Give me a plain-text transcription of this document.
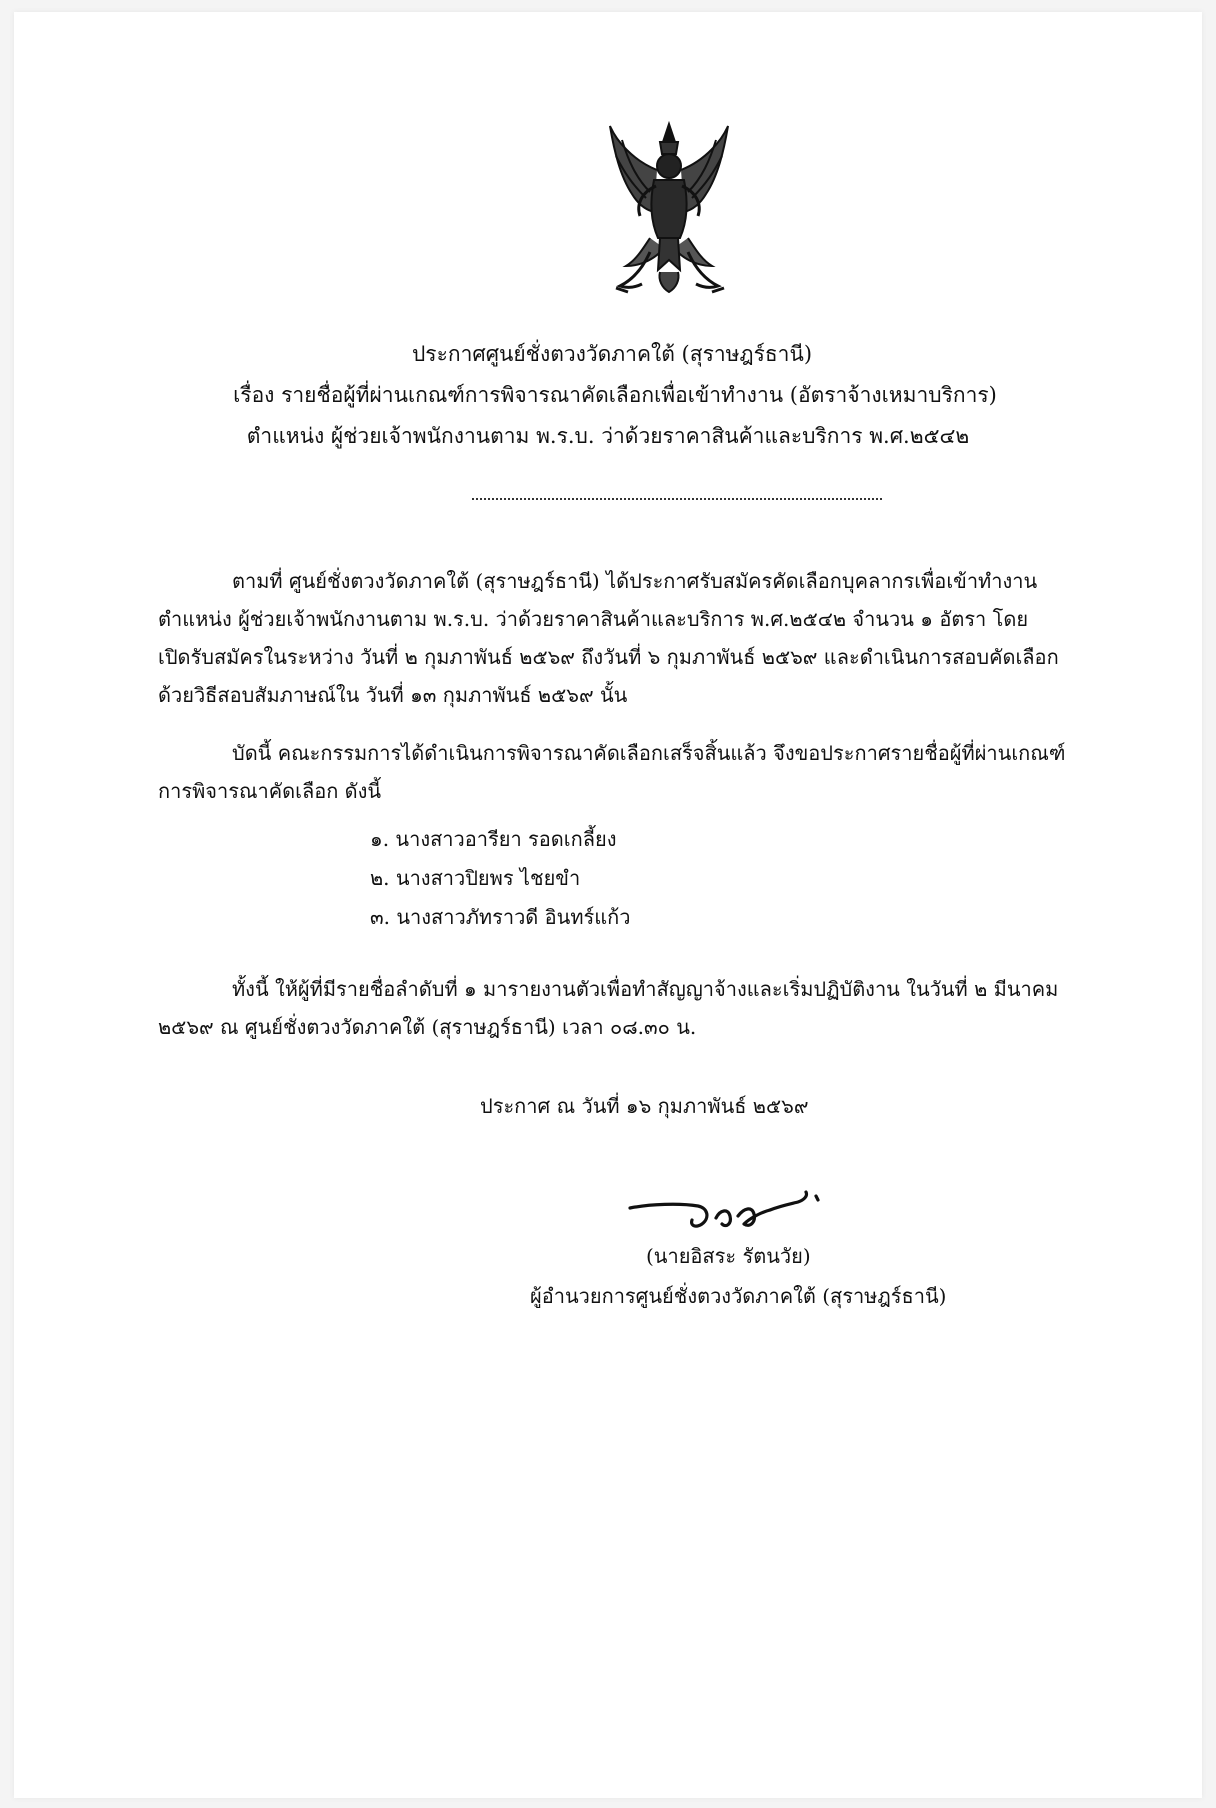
ประกาศศูนย์ชั่งตวงวัดภาคใต้ (สุราษฎร์ธานี)
เรื่อง รายชื่อผู้ที่ผ่านเกณฑ์การพิจารณาคัดเลือกเพื่อเข้าทำงาน (อัตราจ้างเหมาบริการ)
ตำแหน่ง ผู้ช่วยเจ้าพนักงานตาม พ.ร.บ. ว่าด้วยราคาสินค้าและบริการ พ.ศ.๒๕๔๒
ตามที่ ศูนย์ชั่งตวงวัดภาคใต้ (สุราษฎร์ธานี) ได้ประกาศรับสมัครคัดเลือกบุคลากรเพื่อเข้าทำงาน
ตำแหน่ง ผู้ช่วยเจ้าพนักงานตาม พ.ร.บ. ว่าด้วยราคาสินค้าและบริการ พ.ศ.๒๕๔๒ จำนวน ๑ อัตรา โดย
เปิดรับสมัครในระหว่าง วันที่ ๒ กุมภาพันธ์ ๒๕๖๙ ถึงวันที่ ๖ กุมภาพันธ์ ๒๕๖๙ และดำเนินการสอบคัดเลือก
ด้วยวิธีสอบสัมภาษณ์ใน วันที่ ๑๓ กุมภาพันธ์ ๒๕๖๙ นั้น
บัดนี้ คณะกรรมการได้ดำเนินการพิจารณาคัดเลือกเสร็จสิ้นแล้ว จึงขอประกาศรายชื่อผู้ที่ผ่านเกณฑ์
การพิจารณาคัดเลือก ดังนี้
๑. นางสาวอารียา รอดเกลี้ยง
๒. นางสาวปิยพร ไชยขำ
๓. นางสาวภัทราวดี อินทร์แก้ว
ทั้งนี้ ให้ผู้ที่มีรายชื่อลำดับที่ ๑ มารายงานตัวเพื่อทำสัญญาจ้างและเริ่มปฏิบัติงาน ในวันที่ ๒ มีนาคม
๒๕๖๙ ณ ศูนย์ชั่งตวงวัดภาคใต้ (สุราษฎร์ธานี) เวลา ๐๘.๓๐ น.
ประกาศ ณ วันที่ ๑๖ กุมภาพันธ์ ๒๕๖๙
(นายอิสระ รัตนวัย)
ผู้อำนวยการศูนย์ชั่งตวงวัดภาคใต้ (สุราษฎร์ธานี)
